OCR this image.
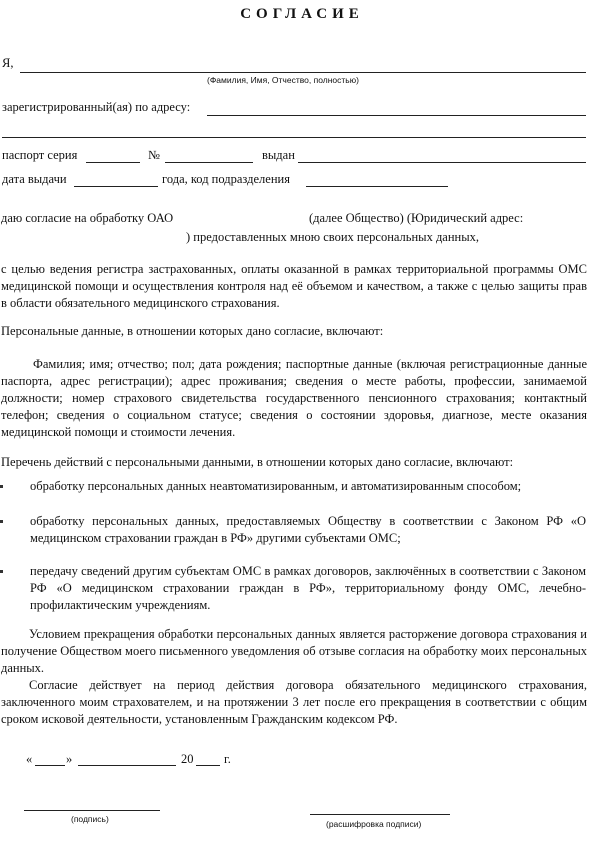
СОГЛАСИЕ
Я,
(Фамилия, Имя, Отчество, полностью)
зарегистрированный(ая) по адресу:
паспорт серия	№	выдан
дата выдачи	года, код подразделения
даю согласие на обработку ОАО	(далее Общество) (Юридический адрес:
) предоставленных мною своих персональных данных,
с целью ведения регистра застрахованных, оплаты оказанной в рамках территориальной программы ОМС медицинской помощи и осуществления контроля над её объемом и качеством, а также с целью защиты прав в области обязательного медицинского страхования.
Персональные данные, в отношении которых дано согласие, включают:
Фамилия; имя; отчество; пол; дата рождения; паспортные данные (включая регистрационные данные паспорта, адрес регистрации); адрес проживания; сведения о месте работы, профессии, занимаемой должности; номер страхового свидетельства государственного пенсионного страхования; контактный телефон; сведения о социальном статусе; сведения о состоянии здоровья, диагнозе, месте оказания медицинской помощи и стоимости лечения.
Перечень действий с персональными данными, в отношении которых дано согласие, включают:
обработку персональных данных неавтоматизированным, и автоматизированным способом;
обработку персональных данных, предоставляемых Обществу в соответствии с Законом РФ «О медицинском страховании граждан в РФ» другими субъектами ОМС;
передачу сведений другим субъектам ОМС в рамках договоров, заключённых в соответствии с Законом РФ «О медицинском страховании граждан в РФ», территориальному фонду ОМС, лечебно-профилактическим учреждениям.
Условием прекращения обработки персональных данных является расторжение договора страхования и получение Обществом моего письменного уведомления об отзыве согласия на обработку моих персональных данных.
Согласие действует на период действия договора обязательного медицинского страхования, заключенного моим страхователем, и на протяжении 3 лет после его прекращения в соответствии с общим сроком исковой деятельности, установленным Гражданским кодексом РФ.
«	»	20 г.
(подпись)	(расшифровка подписи)
